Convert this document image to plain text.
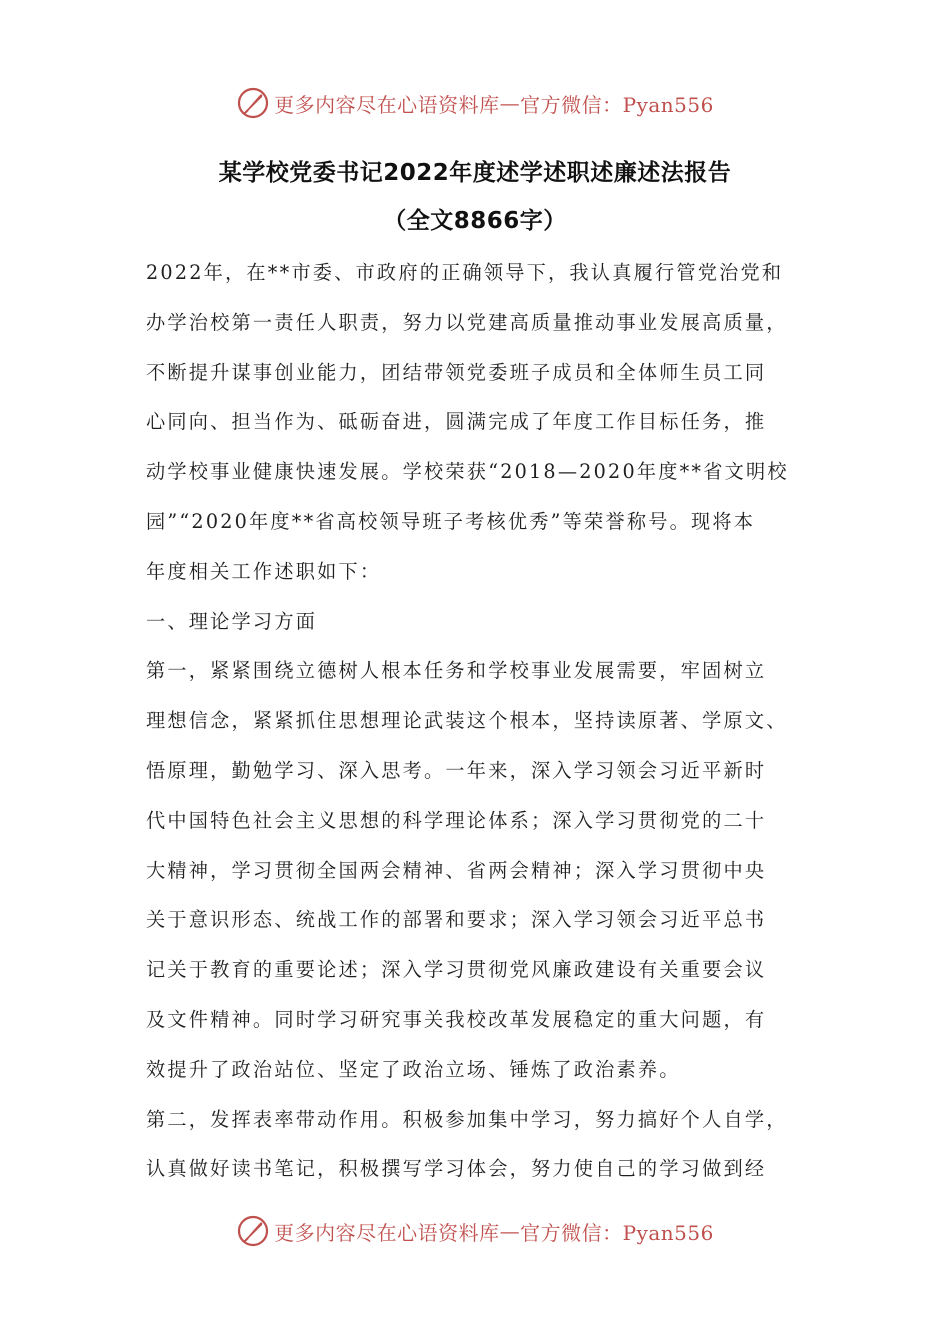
更多内容尽在心语资料库 — 官方微信：Pyan556
某学校党委书记2022年度述学述职述廉述法报告
（全文8866字）
2022年，在**市委、市政府的正确领导下，我认真履行管党治党和
办学治校第一责任人职责，努力以党建高质量推动事业发展高质量，
不断提升谋事创业能力，团结带领党委班子成员和全体师生员工同
心同向、担当作为、砥砺奋进，圆满完成了年度工作目标任务，推
动学校事业健康快速发展。学校荣获“2018—2020年度**省文明校
园”“2020年度**省高校领导班子考核优秀”等荣誉称号。现将本
年度相关工作述职如下：
一、理论学习方面
第一，紧紧围绕立德树人根本任务和学校事业发展需要，牢固树立
理想信念，紧紧抓住思想理论武装这个根本，坚持读原著、学原文、
悟原理，勤勉学习、深入思考。一年来，深入学习领会习近平新时
代中国特色社会主义思想的科学理论体系；深入学习贯彻党的二十
大精神，学习贯彻全国两会精神、省两会精神；深入学习贯彻中央
关于意识形态、统战工作的部署和要求；深入学习领会习近平总书
记关于教育的重要论述；深入学习贯彻党风廉政建设有关重要会议
及文件精神。同时学习研究事关我校改革发展稳定的重大问题，有
效提升了政治站位、坚定了政治立场、锤炼了政治素养。
第二，发挥表率带动作用。积极参加集中学习，努力搞好个人自学，
认真做好读书笔记，积极撰写学习体会，努力使自己的学习做到经
更多内容尽在心语资料库 — 官方微信：Pyan556
